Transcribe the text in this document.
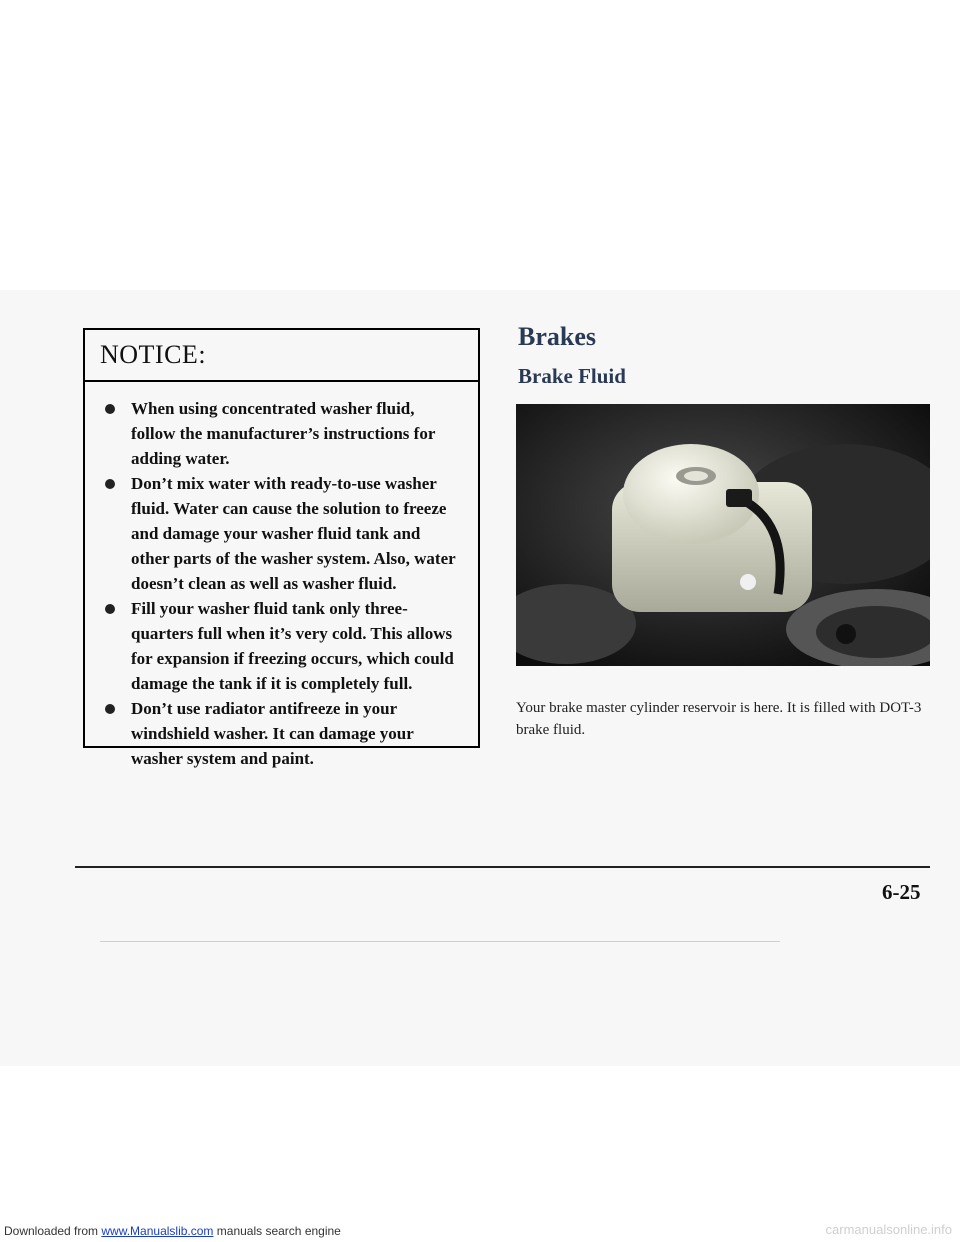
NOTICE:
When using concentrated washer fluid, follow the manufacturer’s instructions for adding water.
Don’t mix water with ready-to-use washer fluid. Water can cause the solution to freeze and damage your washer fluid tank and other parts of the washer system. Also, water doesn’t clean as well as washer fluid.
Fill your washer fluid tank only three-quarters full when it’s very cold. This allows for expansion if freezing occurs, which could damage the tank if it is completely full.
Don’t use radiator antifreeze in your windshield washer. It can damage your washer system and paint.
Brakes
Brake Fluid
Your brake master cylinder reservoir is here. It is filled with DOT-3 brake fluid.
6-25
Downloaded from www.Manualslib.com manuals search engine	carmanualsonline.info
